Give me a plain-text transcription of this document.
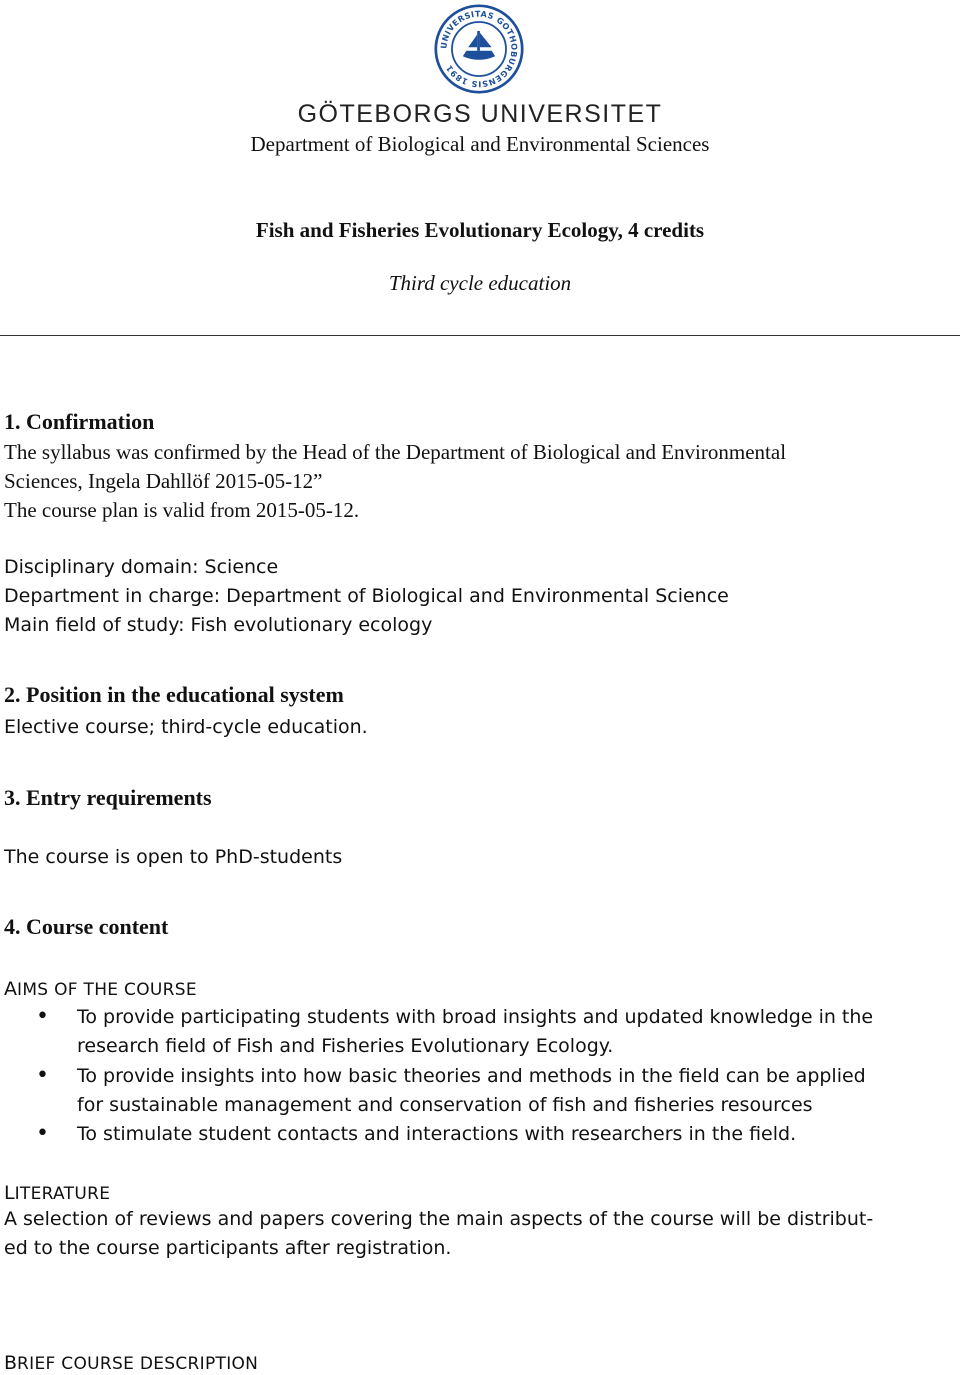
UNIVERSITAS GOTHOBURGENSIS 1891
GÖTEBORGS UNIVERSITET
Department of Biological and Environmental Sciences
Fish and Fisheries Evolutionary Ecology, 4 credits
Third cycle education
1. Confirmation
The syllabus was confirmed by the Head of the Department of Biological and Environmental
Sciences, Ingela Dahllöf 2015-05-12”
The course plan is valid from 2015-05-12.
Disciplinary domain: Science
Department in charge: Department of Biological and Environmental Science
Main field of study: Fish evolutionary ecology
2. Position in the educational system
Elective course; third-cycle education.
3. Entry requirements
The course is open to PhD-students
4. Course content
AIMS OF THE COURSE
• To provide participating students with broad insights and updated knowledge in the
research field of Fish and Fisheries Evolutionary Ecology.
• To provide insights into how basic theories and methods in the field can be applied
for sustainable management and conservation of fish and fisheries resources
• To stimulate student contacts and interactions with researchers in the field.
LITERATURE
A selection of reviews and papers covering the main aspects of the course will be distribut-
ed to the course participants after registration.
BRIEF COURSE DESCRIPTION
